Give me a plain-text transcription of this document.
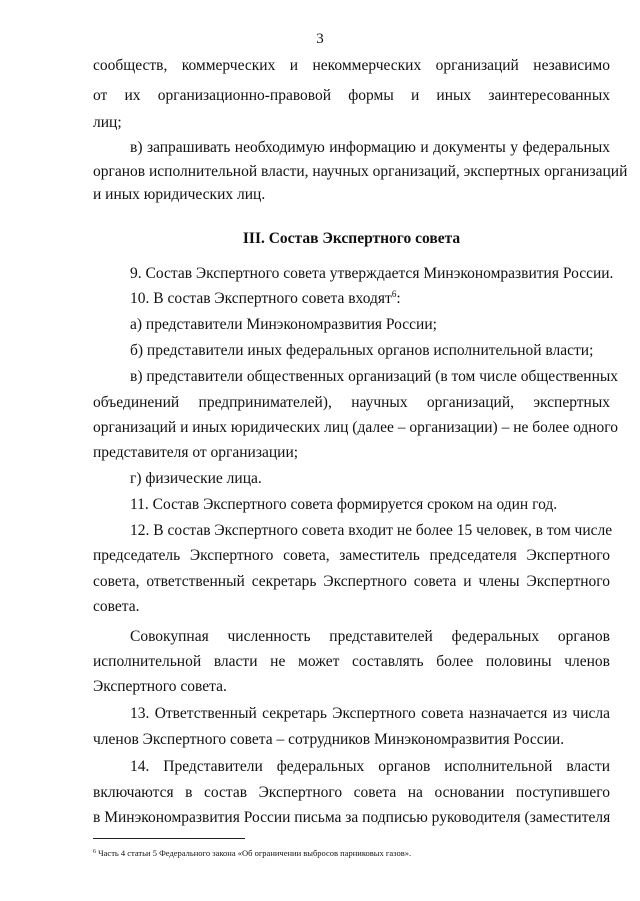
3
сообществ, коммерческих и некоммерческих организаций независимо
от их организационно-правовой формы и иных заинтересованных
лиц;
в) запрашивать необходимую информацию и документы у федеральных
органов исполнительной власти, научных организаций, экспертных организаций
и иных юридических лиц.
III. Состав Экспертного совета
9. Состав Экспертного совета утверждается Минэкономразвития России.
10. В состав Экспертного совета входят$^6$:
а) представители Минэкономразвития России;
б) представители иных федеральных органов исполнительной власти;
в) представители общественных организаций (в том числе общественных
объединений предпринимателей), научных организаций, экспертных
организаций и иных юридических лиц (далее – организации) – не более одного
представителя от организации;
г) физические лица.
11. Состав Экспертного совета формируется сроком на один год.
12. В состав Экспертного совета входит не более 15 человек, в том числе
председатель Экспертного совета, заместитель председателя Экспертного
совета, ответственный секретарь Экспертного совета и члены Экспертного
совета.
Совокупная численность представителей федеральных органов
исполнительной власти не может составлять более половины членов
Экспертного совета.
13. Ответственный секретарь Экспертного совета назначается из числа
членов Экспертного совета – сотрудников Минэкономразвития России.
14. Представители федеральных органов исполнительной власти
включаются в состав Экспертного совета на основании поступившего
в Минэкономразвития России письма за подписью руководителя (заместителя
$^6$ Часть 4 статьи 5 Федерального закона «Об ограничении выбросов парниковых газов».
